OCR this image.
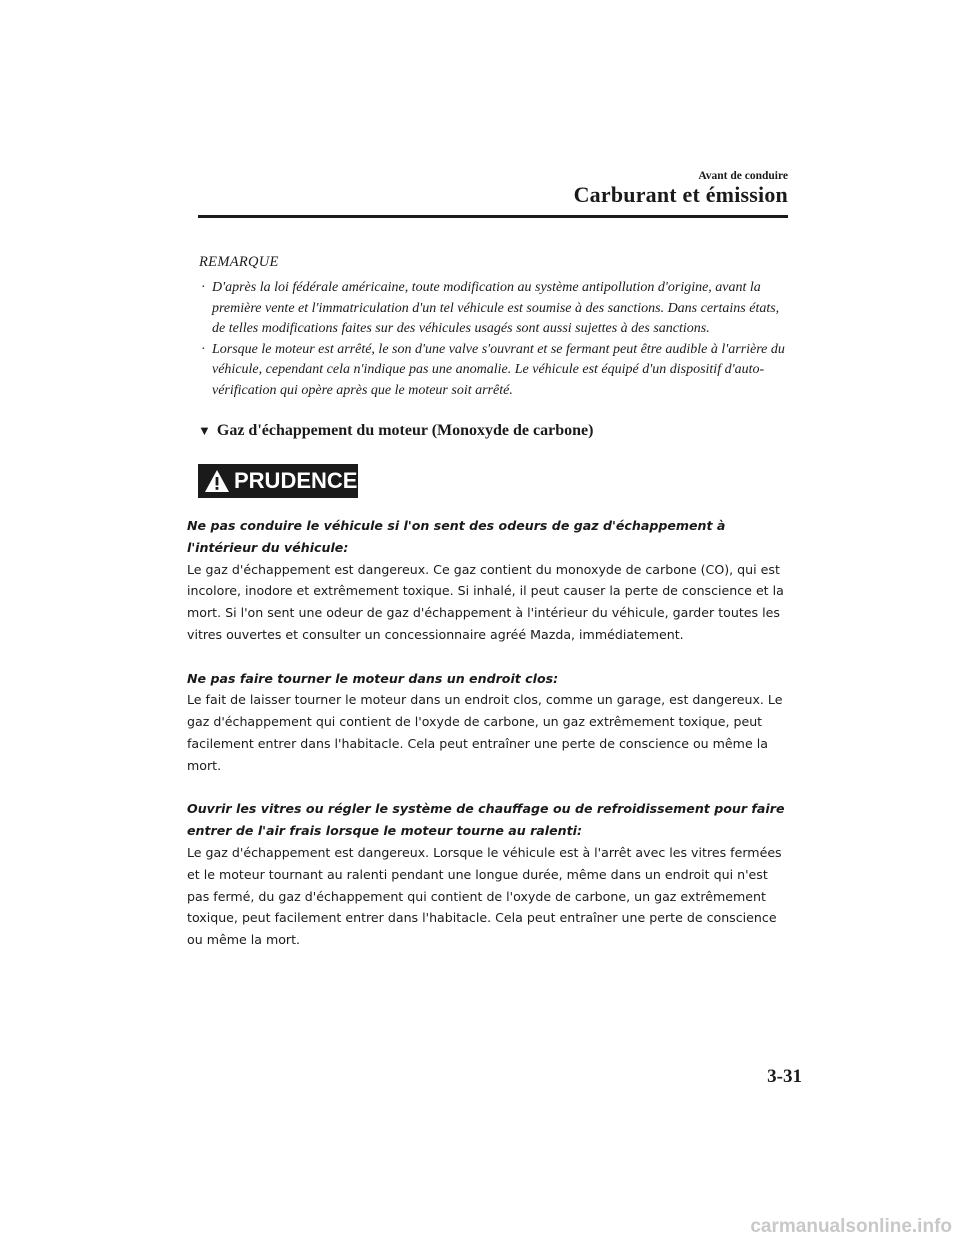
Avant de conduire
Carburant et émission
REMARQUE
· D'après la loi fédérale américaine, toute modification au système antipollution d'origine, avant la première vente et l'immatriculation d'un tel véhicule est soumise à des sanctions. Dans certains états, de telles modifications faites sur des véhicules usagés sont aussi sujettes à des sanctions.
· Lorsque le moteur est arrêté, le son d'une valve s'ouvrant et se fermant peut être audible à l'arrière du véhicule, cependant cela n'indique pas une anomalie. Le véhicule est équipé d'un dispositif d'auto-vérification qui opère après que le moteur soit arrêté.
▼ Gaz d'échappement du moteur (Monoxyde de carbone)
PRUDENCE

Ne pas conduire le véhicule si l'on sent des odeurs de gaz d'échappement à l'intérieur du véhicule:
Le gaz d'échappement est dangereux. Ce gaz contient du monoxyde de carbone (CO), qui est incolore, inodore et extrêmement toxique. Si inhalé, il peut causer la perte de conscience et la mort. Si l'on sent une odeur de gaz d'échappement à l'intérieur du véhicule, garder toutes les vitres ouvertes et consulter un concessionnaire agréé Mazda, immédiatement.

Ne pas faire tourner le moteur dans un endroit clos:
Le fait de laisser tourner le moteur dans un endroit clos, comme un garage, est dangereux. Le gaz d'échappement qui contient de l'oxyde de carbone, un gaz extrêmement toxique, peut facilement entrer dans l'habitacle. Cela peut entraîner une perte de conscience ou même la mort.

Ouvrir les vitres ou régler le système de chauffage ou de refroidissement pour faire entrer de l'air frais lorsque le moteur tourne au ralenti:
Le gaz d'échappement est dangereux. Lorsque le véhicule est à l'arrêt avec les vitres fermées et le moteur tournant au ralenti pendant une longue durée, même dans un endroit qui n'est pas fermé, du gaz d'échappement qui contient de l'oxyde de carbone, un gaz extrêmement toxique, peut facilement entrer dans l'habitacle. Cela peut entraîner une perte de conscience ou même la mort.

3-31
carmanualsonline.info
